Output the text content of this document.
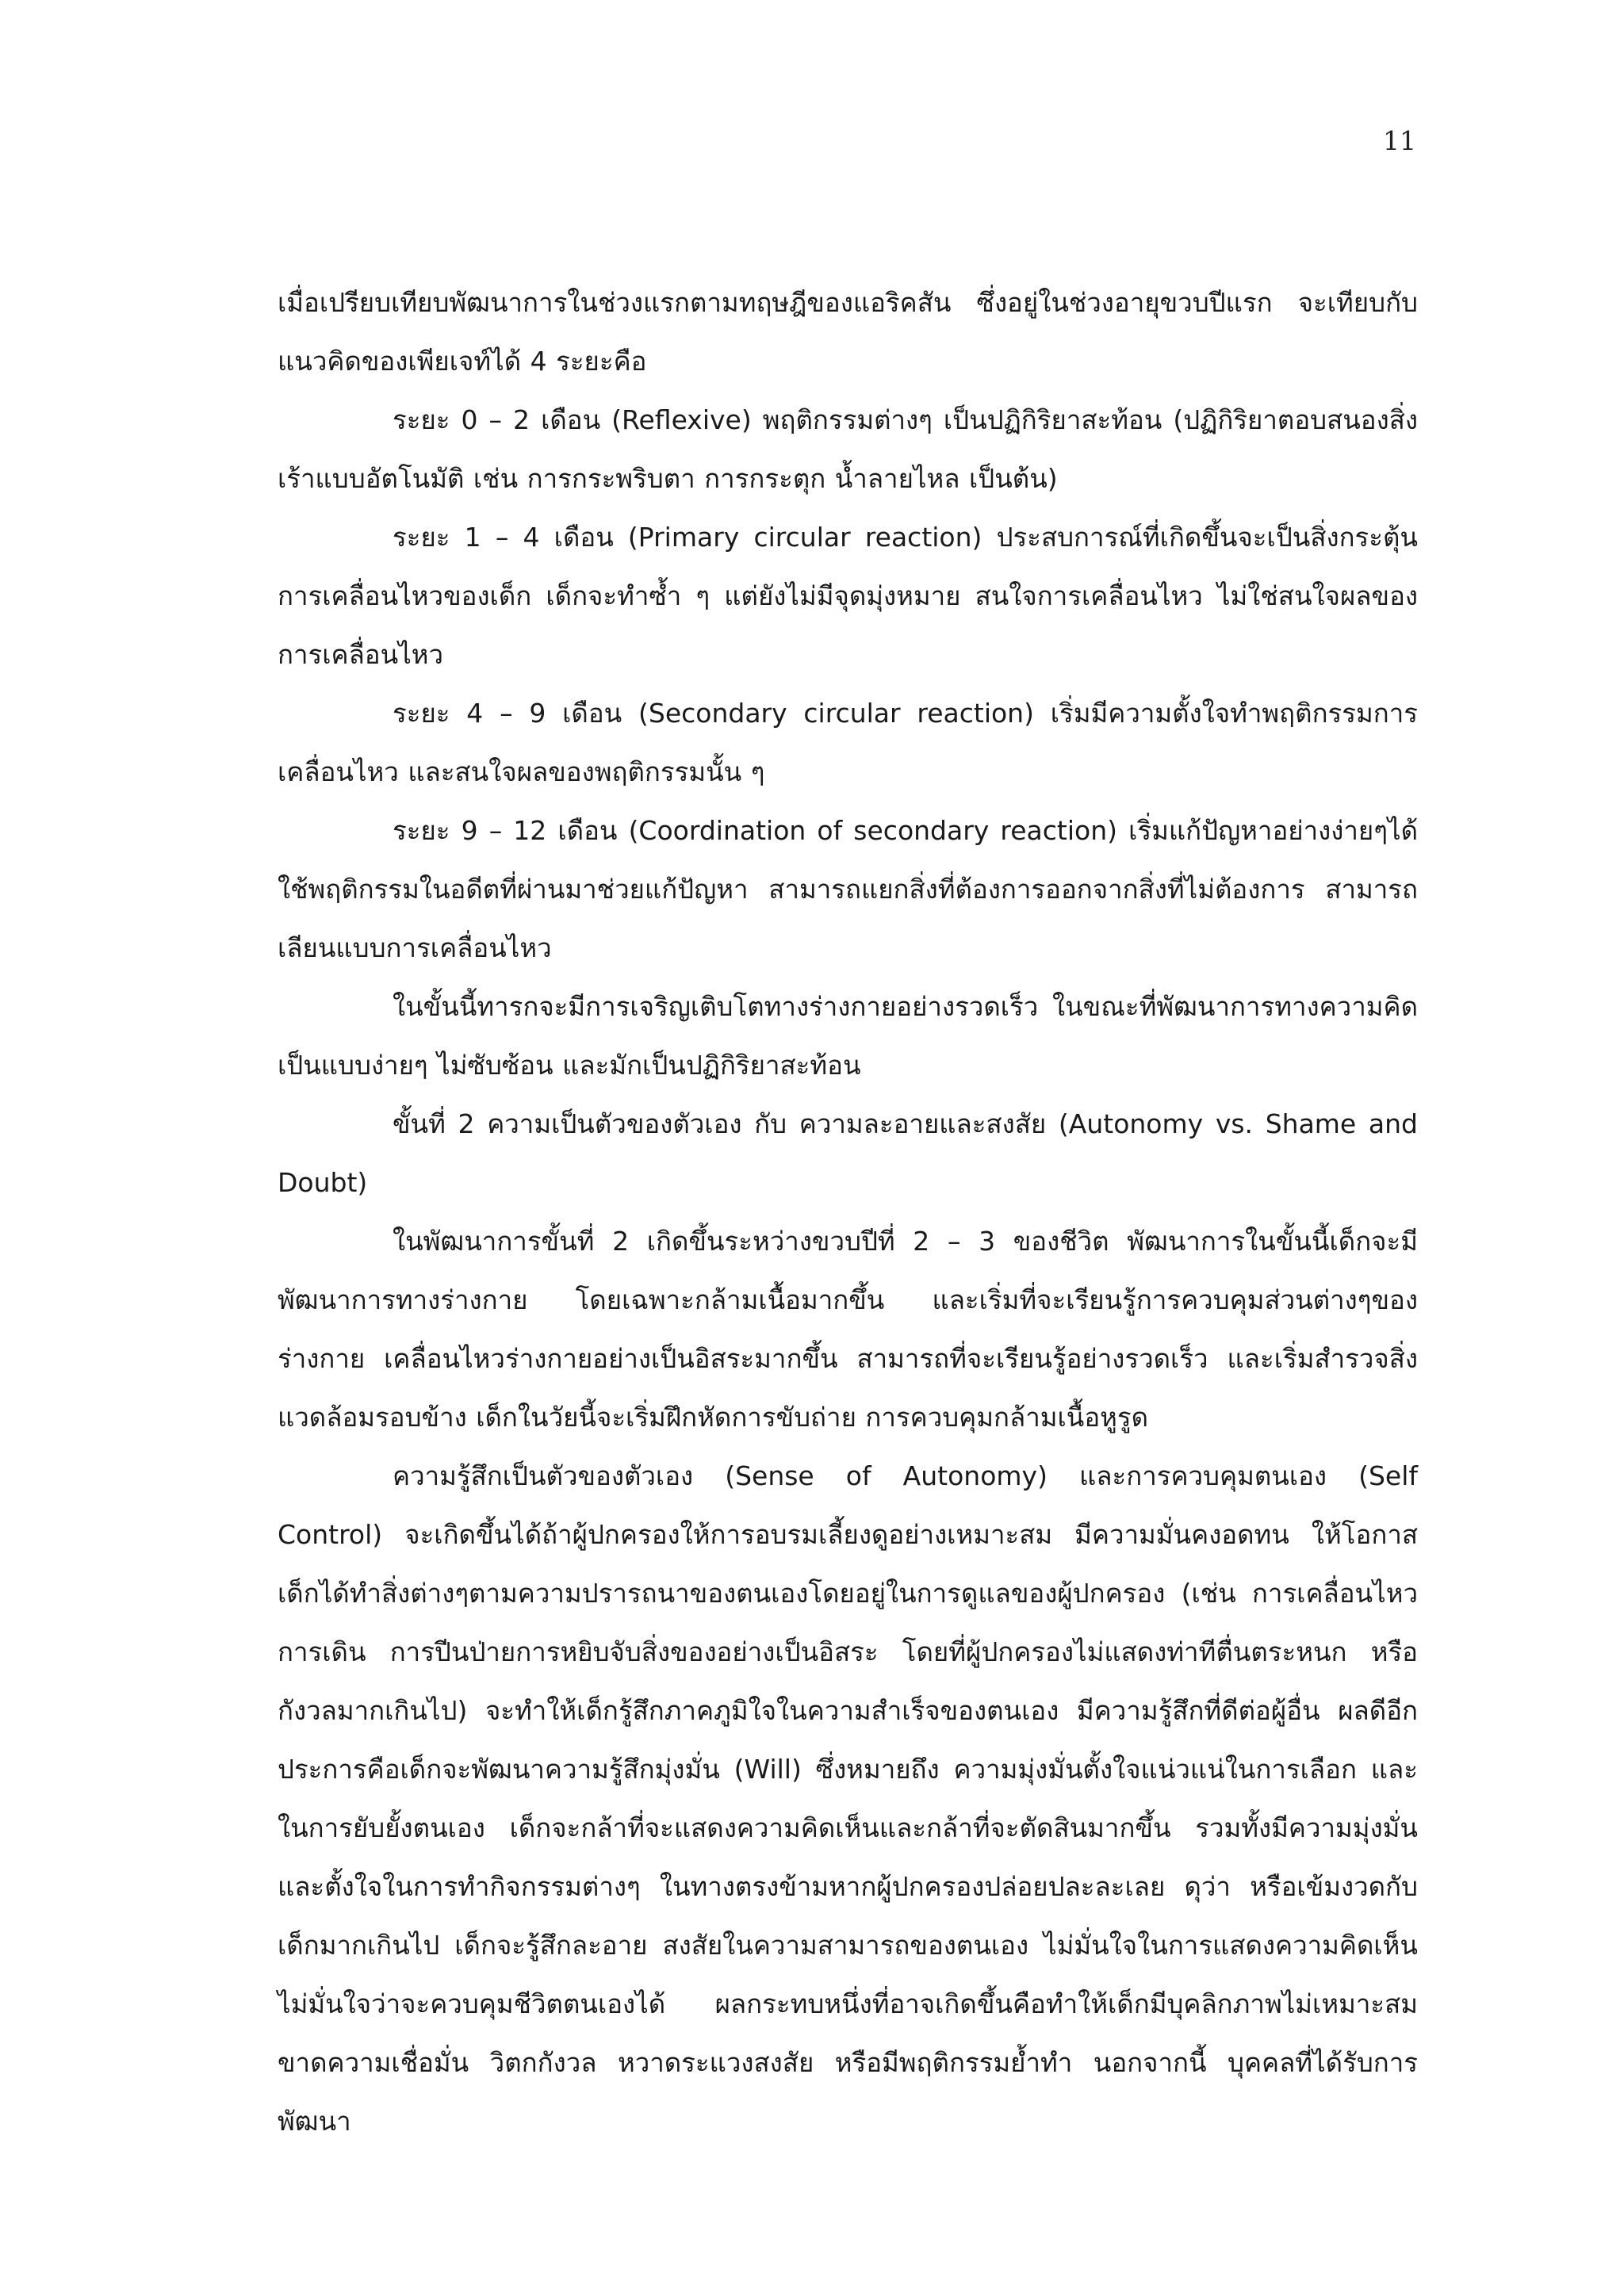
11

เมื่อเปรียบเทียบพัฒนาการในช่วงแรกตามทฤษฎีของแอริคสัน ซึ่งอยู่ในช่วงอายุขวบปีแรก จะเทียบกับแนวคิดของเพียเจท์ได้ 4 ระยะคือ

ระยะ 0 – 2 เดือน (Reflexive) พฤติกรรมต่างๆ เป็นปฏิกิริยาสะท้อน (ปฏิกิริยาตอบสนองสิ่งเร้าแบบอัตโนมัติ เช่น การกระพริบตา การกระตุก น้ำลายไหล เป็นต้น)

ระยะ 1 – 4 เดือน (Primary circular reaction) ประสบการณ์ที่เกิดขึ้นจะเป็นสิ่งกระตุ้นการเคลื่อนไหวของเด็ก เด็กจะทำซ้ำ ๆ แต่ยังไม่มีจุดมุ่งหมาย สนใจการเคลื่อนไหว ไม่ใช่สนใจผลของการเคลื่อนไหว

ระยะ 4 – 9 เดือน (Secondary circular reaction) เริ่มมีความตั้งใจทำพฤติกรรมการเคลื่อนไหว และสนใจผลของพฤติกรรมนั้น ๆ

ระยะ 9 – 12 เดือน (Coordination of secondary reaction) เริ่มแก้ปัญหาอย่างง่ายๆได้ ใช้พฤติกรรมในอดีตที่ผ่านมาช่วยแก้ปัญหา สามารถแยกสิ่งที่ต้องการออกจากสิ่งที่ไม่ต้องการ สามารถเลียนแบบการเคลื่อนไหว

ในขั้นนี้ทารกจะมีการเจริญเติบโตทางร่างกายอย่างรวดเร็ว ในขณะที่พัฒนาการทางความคิดเป็นแบบง่ายๆ ไม่ซับซ้อน และมักเป็นปฏิกิริยาสะท้อน

ขั้นที่ 2 ความเป็นตัวของตัวเอง กับ ความละอายและสงสัย (Autonomy vs. Shame and Doubt)

ในพัฒนาการขั้นที่ 2 เกิดขึ้นระหว่างขวบปีที่ 2 – 3 ของชีวิต พัฒนาการในขั้นนี้เด็กจะมีพัฒนาการทางร่างกาย โดยเฉพาะกล้ามเนื้อมากขึ้น และเริ่มที่จะเรียนรู้การควบคุมส่วนต่างๆของร่างกาย เคลื่อนไหวร่างกายอย่างเป็นอิสระมากขึ้น สามารถที่จะเรียนรู้อย่างรวดเร็ว และเริ่มสำรวจสิ่งแวดล้อมรอบข้าง เด็กในวัยนี้จะเริ่มฝึกหัดการขับถ่าย การควบคุมกล้ามเนื้อหูรูด

ความรู้สึกเป็นตัวของตัวเอง (Sense of Autonomy) และการควบคุมตนเอง (Self Control) จะเกิดขึ้นได้ถ้าผู้ปกครองให้การอบรมเลี้ยงดูอย่างเหมาะสม มีความมั่นคงอดทน ให้โอกาสเด็กได้ทำสิ่งต่างๆตามความปรารถนาของตนเองโดยอยู่ในการดูแลของผู้ปกครอง (เช่น การเคลื่อนไหว การเดิน การปีนป่ายการหยิบจับสิ่งของอย่างเป็นอิสระ โดยที่ผู้ปกครองไม่แสดงท่าทีตื่นตระหนก หรือกังวลมากเกินไป) จะทำให้เด็กรู้สึกภาคภูมิใจในความสำเร็จของตนเอง มีความรู้สึกที่ดีต่อผู้อื่น ผลดีอีกประการคือเด็กจะพัฒนาความรู้สึกมุ่งมั่น (Will) ซึ่งหมายถึง ความมุ่งมั่นตั้งใจแน่วแน่ในการเลือก และในการยับยั้งตนเอง เด็กจะกล้าที่จะแสดงความคิดเห็นและกล้าที่จะตัดสินมากขึ้น รวมทั้งมีความมุ่งมั่นและตั้งใจในการทำกิจกรรมต่างๆ ในทางตรงข้ามหากผู้ปกครองปล่อยปละละเลย ดุว่า หรือเข้มงวดกับเด็กมากเกินไป เด็กจะรู้สึกละอาย สงสัยในความสามารถของตนเอง ไม่มั่นใจในการแสดงความคิดเห็น ไม่มั่นใจว่าจะควบคุมชีวิตตนเองได้ ผลกระทบหนึ่งที่อาจเกิดขึ้นคือทำให้เด็กมีบุคลิกภาพไม่เหมาะสม ขาดความเชื่อมั่น วิตกกังวล หวาดระแวงสงสัย หรือมีพฤติกรรมย้ำทำ นอกจากนี้ บุคคลที่ได้รับการพัฒนา
